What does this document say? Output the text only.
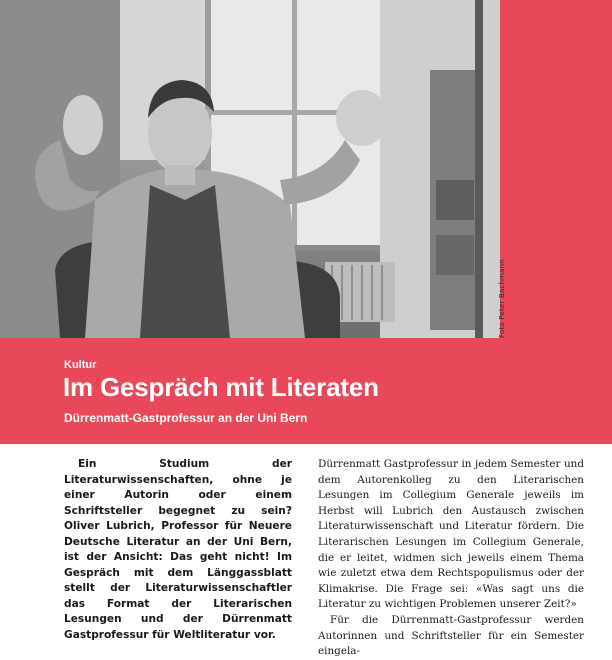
Foto Peter Bachmann
Kultur
Im Gespräch mit Literaten
Dürrenmatt-Gastprofessur an der Uni Bern
Ein Studium der Literaturwissenschaften, ohne je einer Autorin oder einem Schriftsteller begegnet zu sein? Oliver Lubrich, Professor für Neuere Deutsche Literatur an der Uni Bern, ist der Ansicht: Das geht nicht! Im Gespräch mit dem Länggassblatt stellt der Literaturwissenschaftler das Format der Literarischen Lesungen und der Dürrenmatt Gastprofessur für Weltliteratur vor.

Dürrenmatt Gastprofessur in jedem Semester und dem Autorenkolleg zu den Literarischen Lesungen im Collegium Generale jeweils im Herbst will Lubrich den Austausch zwischen Literaturwissenschaft und Literatur fördern. Die Literarischen Lesungen im Collegium Generale, die er leitet, widmen sich jeweils einem Thema wie zuletzt etwa dem Rechtspopulismus oder der Klimakrise. Die Frage sei: «Was sagt uns die Literatur zu wichtigen Problemen unserer Zeit?»

Für die Dürrenmatt-Gastprofessur werden Autorinnen und Schriftsteller für ein Semester eingela-
